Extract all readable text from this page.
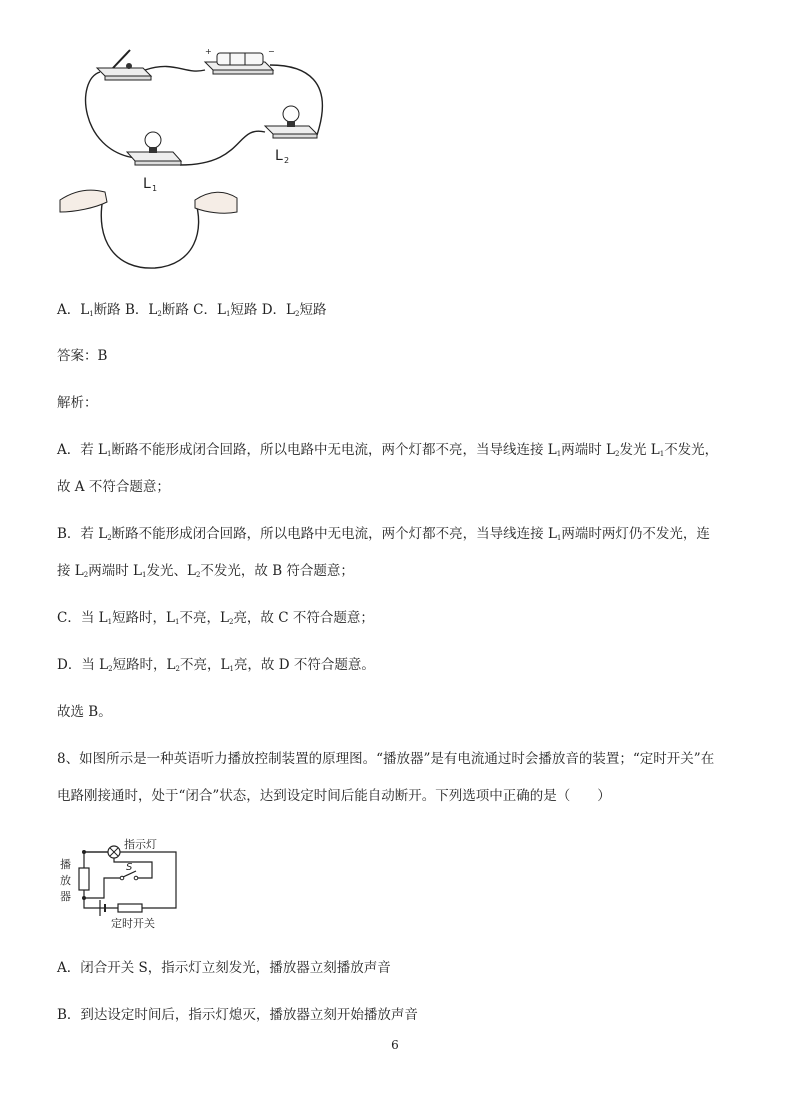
+	−
L 1
L 2
A．$L_1$断路 B．$L_2$断路 C．$L_1$短路 D．$L_2$短路
答案：B
解析：
A．若 $L_1$断路不能形成闭合回路，所以电路中无电流，两个灯都不亮，当导线连接 $L_1$两端时 $L_2$发光 $L_1$不发光，
故 A 不符合题意；
B．若 $L_2$断路不能形成闭合回路，所以电路中无电流，两个灯都不亮，当导线连接 $L_1$两端时两灯仍不发光，连
接 $L_2$两端时 $L_1$发光、$L_2$不发光，故 B 符合题意；
C．当 $L_1$短路时，$L_1$不亮，$L_2$亮，故 C 不符合题意；
D．当 $L_2$短路时，$L_2$不亮，$L_1$亮，故 D 不符合题意。
故选 B。
8、如图所示是一种英语听力播放控制装置的原理图。“播放器”是有电流通过时会播放音的装置；“定时开关”在
电路刚接通时，处于“闭合”状态，达到设定时间后能自动断开。下列选项中正确的是（　　）
指示灯
S
播
放
器
定时开关
A．闭合开关 S，指示灯立刻发光，播放器立刻播放声音
B．到达设定时间后，指示灯熄灭，播放器立刻开始播放声音
6
